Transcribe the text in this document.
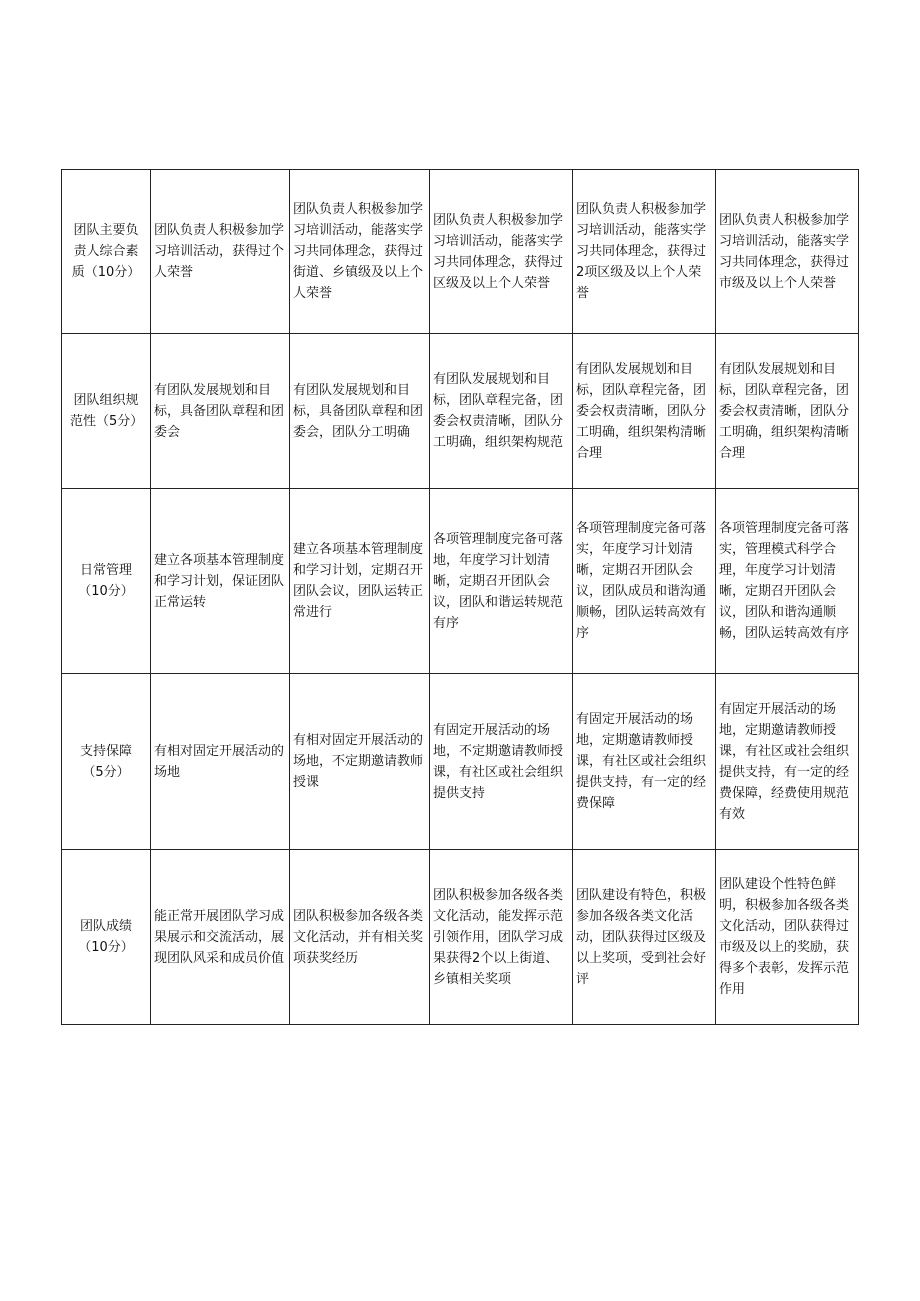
团队主要负责人综合素质（10分）	团队负责人积极参加学习培训活动，获得过个人荣誉	团队负责人积极参加学习培训活动，能落实学习共同体理念，获得过街道、乡镇级及以上个人荣誉	团队负责人积极参加学习培训活动，能落实学习共同体理念，获得过区级及以上个人荣誉	团队负责人积极参加学习培训活动，能落实学习共同体理念，获得过2项区级及以上个人荣誉	团队负责人积极参加学习培训活动，能落实学习共同体理念，获得过市级及以上个人荣誉
团队组织规范性（5分）	有团队发展规划和目标，具备团队章程和团委会	有团队发展规划和目标，具备团队章程和团委会，团队分工明确	有团队发展规划和目标，团队章程完备，团委会权责清晰，团队分工明确，组织架构规范	有团队发展规划和目标，团队章程完备，团委会权责清晰，团队分工明确，组织架构清晰合理	有团队发展规划和目标，团队章程完备，团委会权责清晰，团队分工明确，组织架构清晰合理
日常管理（10分）	建立各项基本管理制度和学习计划，保证团队正常运转	建立各项基本管理制度和学习计划，定期召开团队会议，团队运转正常进行	各项管理制度完备可落地，年度学习计划清晰，定期召开团队会议，团队和谐运转规范有序	各项管理制度完备可落实，年度学习计划清晰，定期召开团队会议，团队成员和谐沟通顺畅，团队运转高效有序	各项管理制度完备可落实，管理模式科学合理，年度学习计划清晰，定期召开团队会议，团队和谐沟通顺畅，团队运转高效有序
支持保障（5分）	有相对固定开展活动的场地	有相对固定开展活动的场地，不定期邀请教师授课	有固定开展活动的场地，不定期邀请教师授课，有社区或社会组织提供支持	有固定开展活动的场地，定期邀请教师授课，有社区或社会组织提供支持，有一定的经费保障	有固定开展活动的场地，定期邀请教师授课，有社区或社会组织提供支持，有一定的经费保障，经费使用规范有效
团队成绩（10分）	能正常开展团队学习成果展示和交流活动，展现团队风采和成员价值	团队积极参加各级各类文化活动，并有相关奖项获奖经历	团队积极参加各级各类文化活动，能发挥示范引领作用，团队学习成果获得2个以上街道、乡镇相关奖项	团队建设有特色，积极参加各级各类文化活动，团队获得过区级及以上奖项，受到社会好评	团队建设个性特色鲜明，积极参加各级各类文化活动，团队获得过市级及以上的奖励，获得多个表彰，发挥示范作用
